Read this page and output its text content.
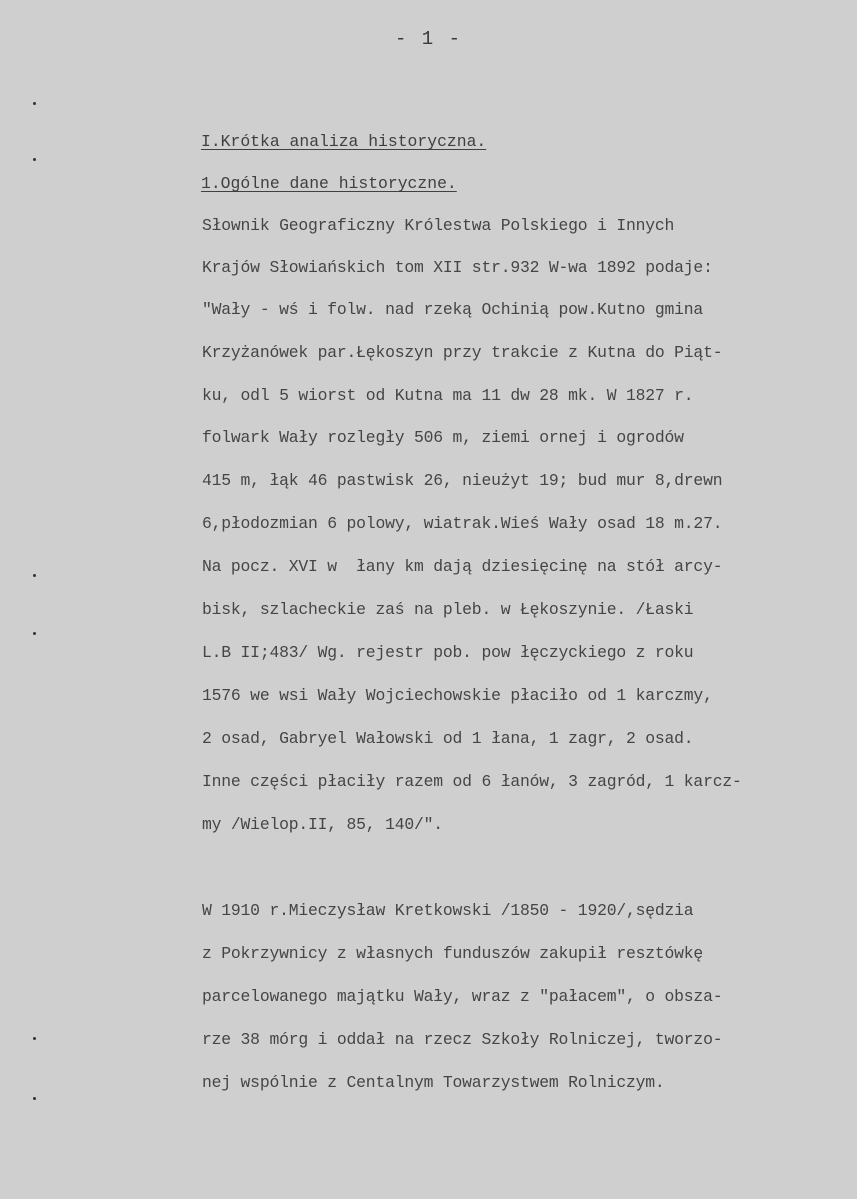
- 1 -
I.Krótka analiza historyczna.
1.Ogólne dane historyczne.
Słownik Geograficzny Królestwa Polskiego i Innych
Krajów Słowiańskich tom XII str.932 W-wa 1892 podaje:
"Wały - wś i folw. nad rzeką Ochinią pow.Kutno gmina
Krzyżanówek par.Łękoszyn przy trakcie z Kutna do Piąt-
ku, odl 5 wiorst od Kutna ma 11 dw 28 mk. W 1827 r.
folwark Wały rozległy 506 m, ziemi ornej i ogrodów
415 m, łąk 46 pastwisk 26, nieużyt 19; bud mur 8,drewn
6,płodozmian 6 polowy, wiatrak.Wieś Wały osad 18 m.27.
Na pocz. XVI w  łany km dają dziesięcinę na stół arcy-
bisk, szlacheckie zaś na pleb. w Łękoszynie. /Łaski
L.B II;483/ Wg. rejestr pob. pow łęczyckiego z roku
1576 we wsi Wały Wojciechowskie płaciło od 1 karczmy,
2 osad, Gabryel Wałowski od 1 łana, 1 zagr, 2 osad.
Inne części płaciły razem od 6 łanów, 3 zagród, 1 karcz-
my /Wielop.II, 85, 140/".
W 1910 r.Mieczysław Kretkowski /1850 - 1920/,sędzia
z Pokrzywnicy z własnych funduszów zakupił resztówkę
parcelowanego majątku Wały, wraz z "pałacem", o obsza-
rze 38 mórg i oddał na rzecz Szkoły Rolniczej, tworzo-
nej wspólnie z Centalnym Towarzystwem Rolniczym.
